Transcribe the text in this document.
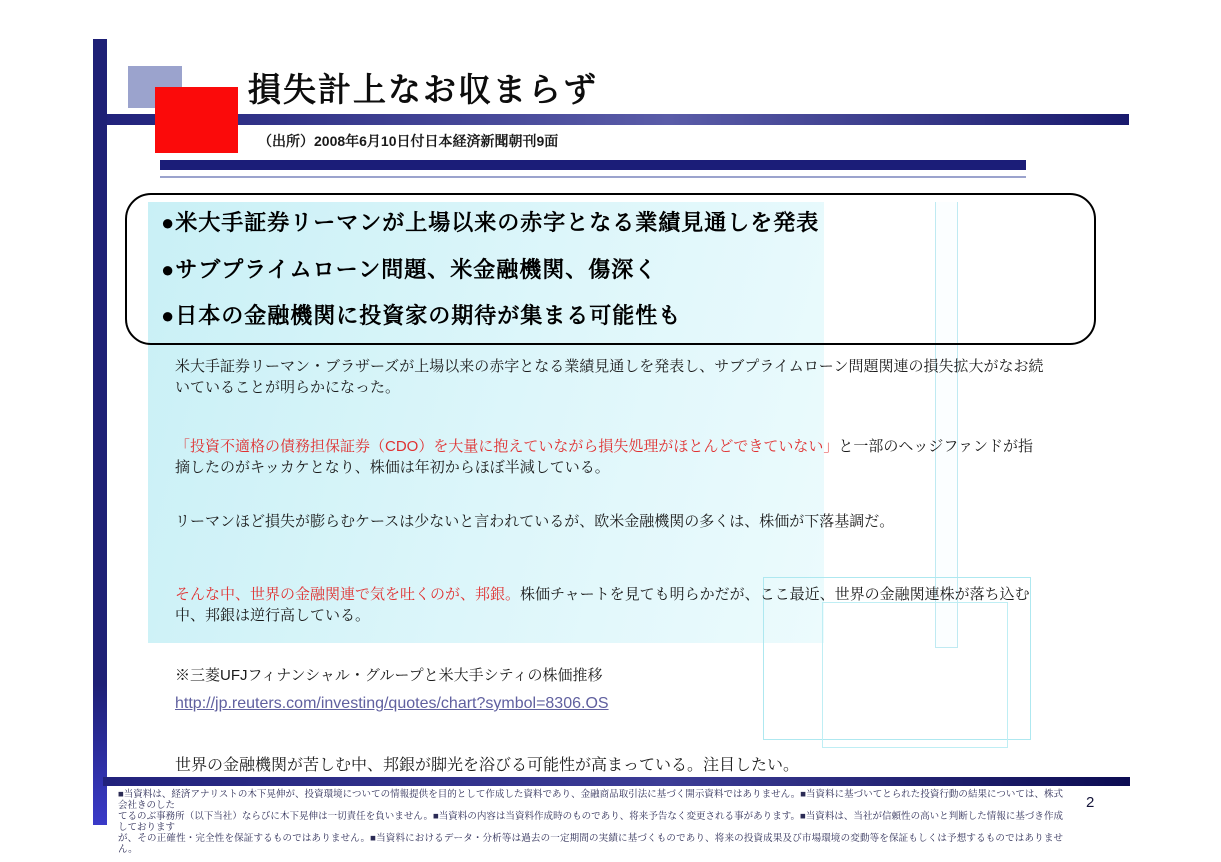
損失計上なお収まらず
（出所）2008年6月10日付日本経済新聞朝刊9面
●米大手証券リーマンが上場以来の赤字となる業績見通しを発表
●サブプライムローン問題、米金融機関、傷深く
●日本の金融機関に投資家の期待が集まる可能性も
米大手証券リーマン・ブラザーズが上場以来の赤字となる業績見通しを発表し、サブプライムローン問題関連の損失拡大がなお続いていることが明らかになった。
「投資不適格の債務担保証券（CDO）を大量に抱えていながら損失処理がほとんどできていない」と一部のヘッジファンドが指摘したのがキッカケとなり、株価は年初からほぼ半減している。
リーマンほど損失が膨らむケースは少ないと言われているが、欧米金融機関の多くは、株価が下落基調だ。
そんな中、世界の金融関連で気を吐くのが、邦銀。株価チャートを見ても明らかだが、ここ最近、世界の金融関連株が落ち込む中、邦銀は逆行高している。
※三菱UFJフィナンシャル・グループと米大手シティの株価推移
http://jp.reuters.com/investing/quotes/chart?symbol=8306.OS
世界の金融機関が苦しむ中、邦銀が脚光を浴びる可能性が高まっている。注目したい。
■当資料は、経済アナリストの木下晃伸が、投資環境についての情報提供を目的として作成した資料であり、金融商品取引法に基づく開示資料ではありません。■当資料に基づいてとられた投資行動の結果については、株式会社きのした
てるのぶ事務所（以下当社）ならびに木下晃伸は一切責任を負いません。■当資料の内容は当資料作成時のものであり、将来予告なく変更される事があります。■当資料は、当社が信頼性の高いと判断した情報に基づき作成しております
が、その正確性・完全性を保証するものではありません。■当資料におけるデータ・分析等は過去の一定期間の実績に基づくものであり、将来の投資成果及び市場環境の変動等を保証もしくは予想するものではありません。
2
